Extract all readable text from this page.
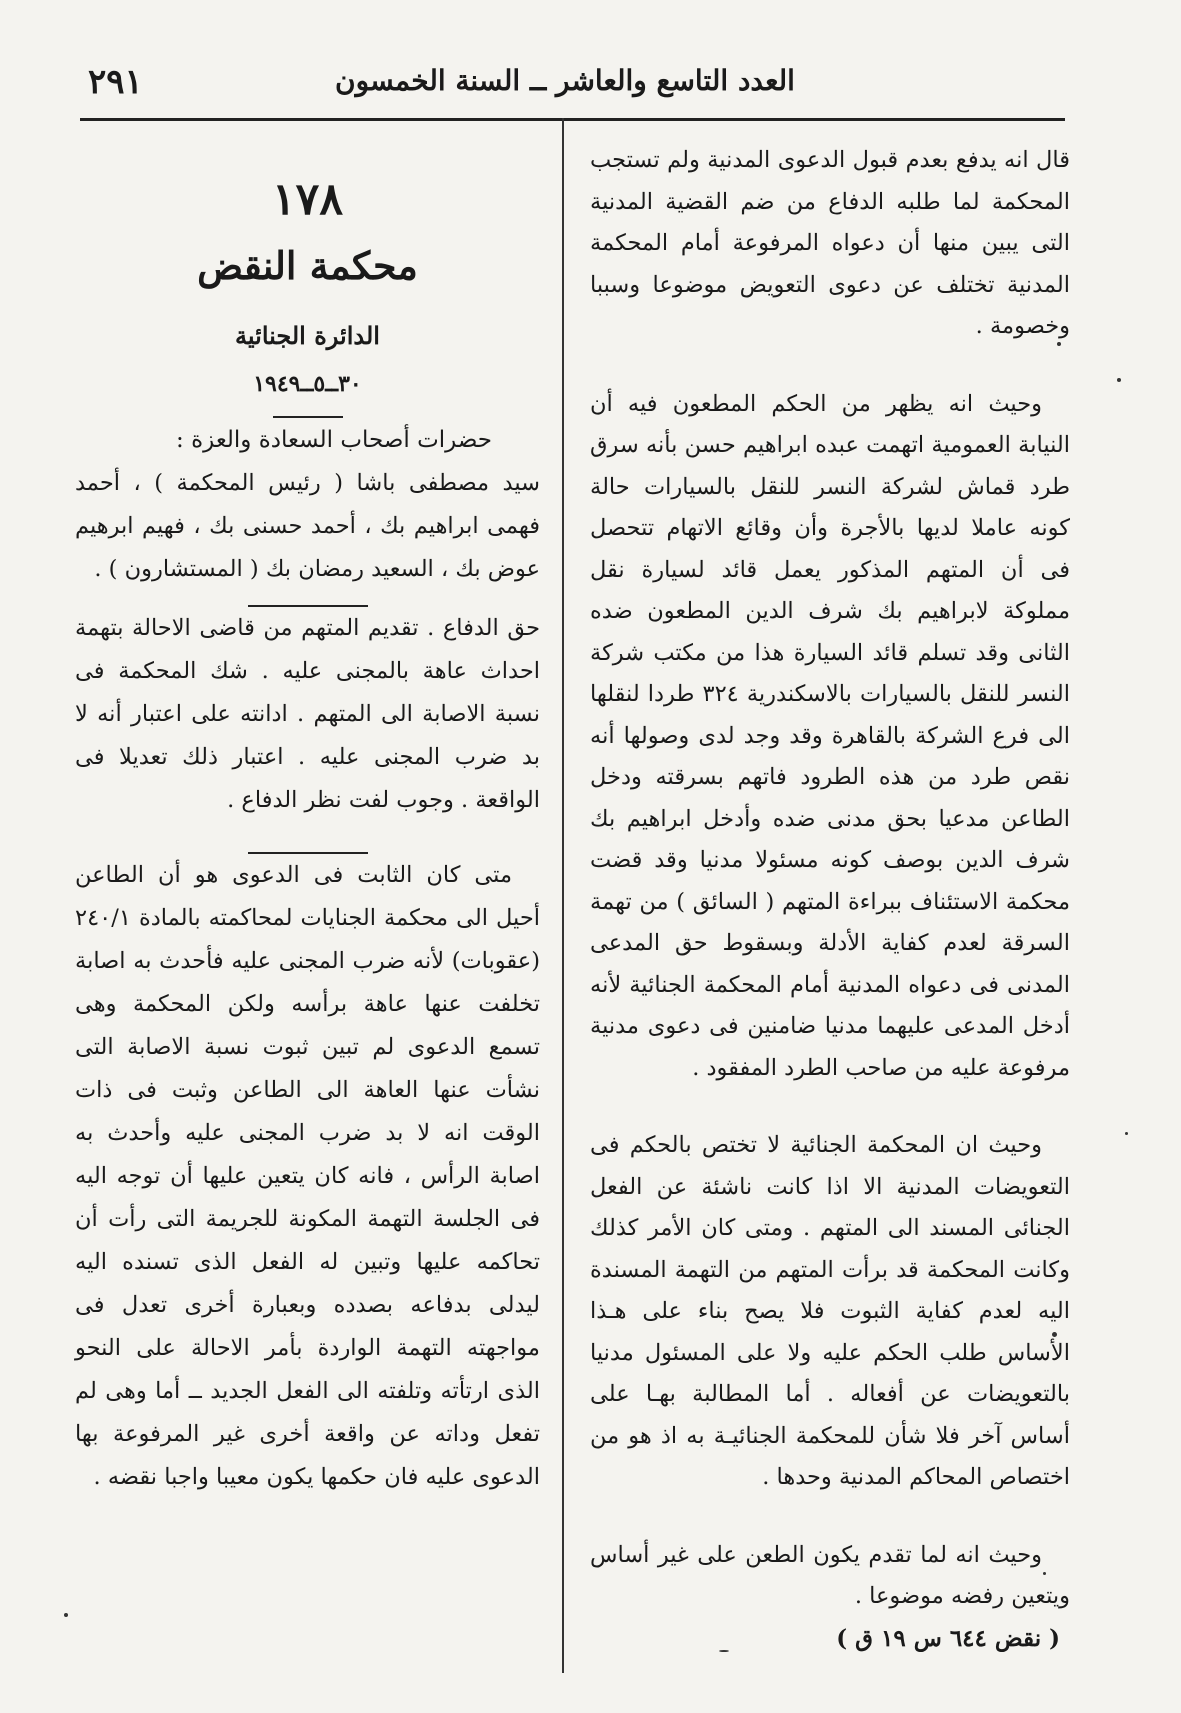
٢٩١	العدد التاسع والعاشر ــ السنة الخمسون

قال انه يدفع بعدم قبول الدعوى المدنية ولم تستجب المحكمة لما طلبه الدفاع من ضم القضية المدنية التى يبين منها أن دعواه المرفوعة أمام المحكمة المدنية تختلف عن دعوى التعويض موضوعا وسببا وخصومة .

وحيث انه يظهر من الحكم المطعون فيه أن النيابة العمومية اتهمت عبده ابراهيم حسن بأنه سرق طرد قماش لشركة النسر للنقل بالسيارات حالة كونه عاملا لديها بالأجرة وأن وقائع الاتهام تتحصل فى أن المتهم المذكور يعمل قائد لسيارة نقل مملوكة لابراهيم بك شرف الدين المطعون ضده الثانى وقد تسلم قائد السيارة هذا من مكتب شركة النسر للنقل بالسيارات بالاسكندرية ٣٢٤ طردا لنقلها الى فرع الشركة بالقاهرة وقد وجد لدى وصولها أنه نقص طرد من هذه الطرود فاتهم بسرقته ودخل الطاعن مدعيا بحق مدنى ضده وأدخل ابراهيم بك شرف الدين بوصف كونه مسئولا مدنيا وقد قضت محكمة الاستئناف ببراءة المتهم ( السائق ) من تهمة السرقة لعدم كفاية الأدلة وبسقوط حق المدعى المدنى فى دعواه المدنية أمام المحكمة الجنائية لأنه أدخل المدعى عليهما مدنيا ضامنين فى دعوى مدنية مرفوعة عليه من صاحب الطرد المفقود .

وحيث ان المحكمة الجنائية لا تختص بالحكم فى التعويضات المدنية الا اذا كانت ناشئة عن الفعل الجنائى المسند الى المتهم . ومتى كان الأمر كذلك وكانت المحكمة قد برأت المتهم من التهمة المسندة اليه لعدم كفاية الثبوت فلا يصح بناء على هـذا الأساس طلب الحكم عليه ولا على المسئول مدنيا بالتعويضات عن أفعاله . أما المطالبة بهـا على أساس آخر فلا شأن للمحكمة الجنائيـة به اذ هو من اختصاص المحاكم المدنية وحدها .

وحيث انه لما تقدم يكون الطعن على غير أساس ويتعين رفضه موضوعا .

( نقض ٦٤٤ س ١٩ ق )

١٧٨
محكمة النقض
الدائرة الجنائية
٣٠ــ٥ــ١٩٤٩

حضرات أصحاب السعادة والعزة :

سيد مصطفى باشا ( رئيس المحكمة ) ، أحمد فهمى ابراهيم بك ، أحمد حسنى بك ، فهيم ابرهيم عوض بك ، السعيد رمضان بك ( المستشارون ) .

حق الدفاع . تقديم المتهم من قاضى الاحالة بتهمة احداث عاهة بالمجنى عليه . شك المحكمة فى نسبة الاصابة الى المتهم . ادانته على اعتبار أنه لا بد ضرب المجنى عليه . اعتبار ذلك تعديلا فى الواقعة . وجوب لفت نظر الدفاع .

متى كان الثابت فى الدعوى هو أن الطاعن أحيل الى محكمة الجنايات لمحاكمته بالمادة ٢٤٠/١ (عقوبات) لأنه ضرب المجنى عليه فأحدث به اصابة تخلفت عنها عاهة برأسه ولكن المحكمة وهى تسمع الدعوى لم تبين ثبوت نسبة الاصابة التى نشأت عنها العاهة الى الطاعن وثبت فى ذات الوقت انه لا بد ضرب المجنى عليه وأحدث به اصابة الرأس ، فانه كان يتعين عليها أن توجه اليه فى الجلسة التهمة المكونة للجريمة التى رأت أن تحاكمه عليها وتبين له الفعل الذى تسنده اليه ليدلى بدفاعه بصدده وبعبارة أخرى تعدل فى مواجهته التهمة الواردة بأمر الاحالة على النحو الذى ارتأته وتلفته الى الفعل الجديد ــ أما وهى لم تفعل وداته عن واقعة أخرى غير المرفوعة بها الدعوى عليه فان حكمها يكون معيبا واجبا نقضه .
